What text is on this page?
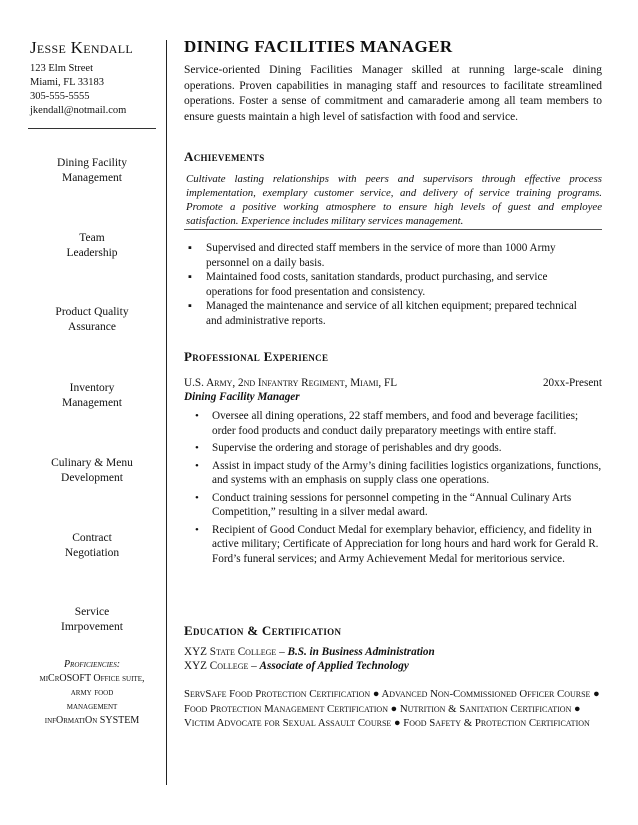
Jesse Kendall
123 Elm Street
Miami, FL 33183
305-555-5555
jkendall@notmail.com
Dining Facility
Management
Team
Leadership
Product Quality
Assurance
Inventory
Management
Culinary & Menu
Development
Contract
Negotiation
Service
Imrpovement
Proficiencies:
miCrOSOFT Office suite,
army food
management
infOrmatiOn SYSTEM
DINING FACILITIES MANAGER
Service-oriented Dining Facilities Manager skilled at running large-scale dining operations. Proven capabilities in managing staff and resources to facilitate streamlined operations. Foster a sense of commitment and camaraderie among all team members to ensure guests maintain a high level of satisfaction with food and service.
Achievements
Cultivate lasting relationships with peers and supervisors through effective process implementation, exemplary customer service, and delivery of service training programs. Promote a positive working atmosphere to ensure high levels of guest and employee satisfaction. Experience includes military services management.
▪ Supervised and directed staff members in the service of more than 1000 Army personnel on a daily basis.
▪ Maintained food costs, sanitation standards, product purchasing, and service operations for food presentation and consistency.
▪ Managed the maintenance and service of all kitchen equipment; prepared technical and administrative reports.
Professional Experience
U.S. Army, 2nd Infantry Regiment, Miami, FL	20xx-Present
Dining Facility Manager
• Oversee all dining operations, 22 staff members, and food and beverage facilities; order food products and conduct daily preparatory meetings with entire staff.
• Supervise the ordering and storage of perishables and dry goods.
• Assist in impact study of the Army’s dining facilities logistics organizations, functions, and systems with an emphasis on supply class one operations.
• Conduct training sessions for personnel competing in the “Annual Culinary Arts Competition,” resulting in a silver medal award.
• Recipient of Good Conduct Medal for exemplary behavior, efficiency, and fidelity in active military; Certificate of Appreciation for long hours and hard work for Gerald R. Ford’s funeral services; and Army Achievement Medal for meritorious service.
Education & Certification
XYZ State College – B.S. in Business Administration
XYZ College – Associate of Applied Technology
ServSafe Food Protection Certification ● Advanced Non-Commissioned Officer Course ● Food Protection Management Certification ● Nutrition & Sanitation Certification ● Victim Advocate for Sexual Assault Course ● Food Safety & Protection Certification
